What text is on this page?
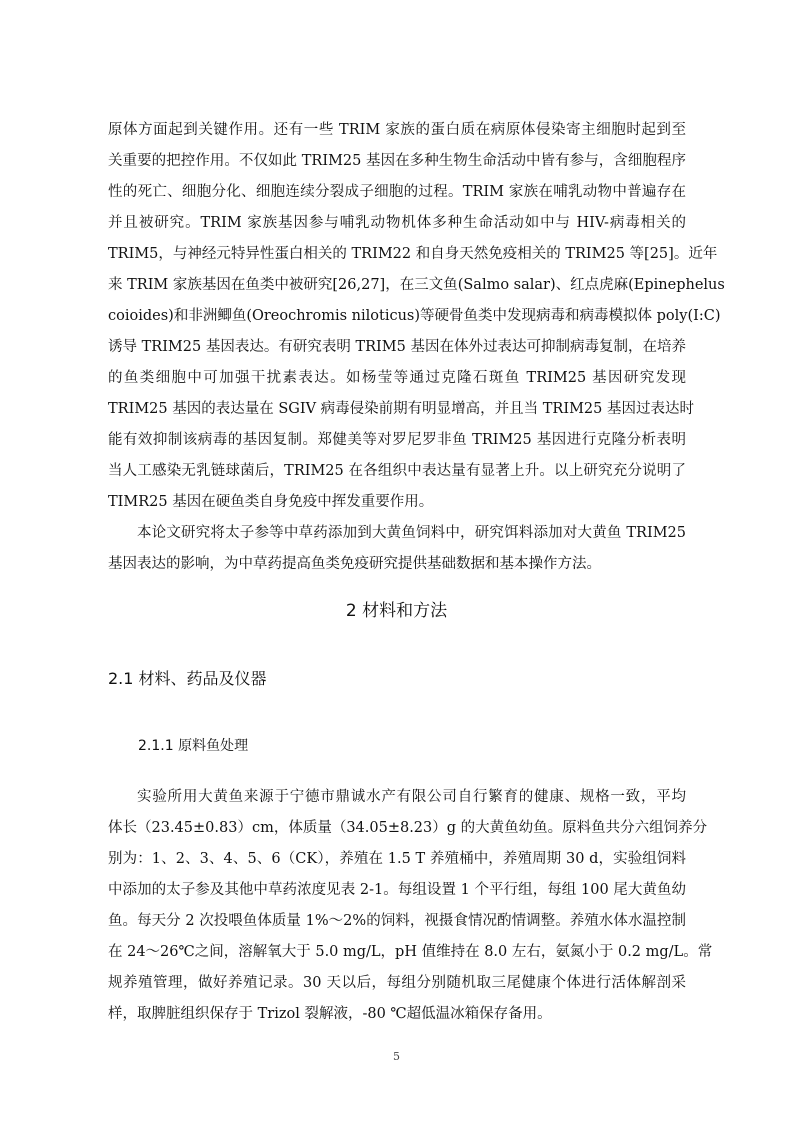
原体方面起到关键作用。还有一些 TRIM 家族的蛋白质在病原体侵染寄主细胞时起到至
关重要的把控作用。不仅如此 TRIM25 基因在多种生物生命活动中皆有参与，含细胞程序
性的死亡、细胞分化、细胞连续分裂成子细胞的过程。TRIM 家族在哺乳动物中普遍存在
并且被研究。TRIM 家族基因参与哺乳动物机体多种生命活动如中与 HIV-病毒相关的
TRIM5，与神经元特异性蛋白相关的 TRIM22 和自身天然免疫相关的 TRIM25 等[25]。近年
来 TRIM 家族基因在鱼类中被研究[26,27]，在三文鱼(Salmo salar)、红点虎麻(Epinephelus
coioides)和非洲鲫鱼(Oreochromis niloticus)等硬骨鱼类中发现病毒和病毒模拟体 poly(I:C)
诱导 TRIM25 基因表达。有研究表明 TRIM5 基因在体外过表达可抑制病毒复制，在培养
的鱼类细胞中可加强干扰素表达。如杨莹等通过克隆石斑鱼 TRIM25 基因研究发现
TRIM25 基因的表达量在 SGIV 病毒侵染前期有明显增高，并且当 TRIM25 基因过表达时
能有效抑制该病毒的基因复制。郑健美等对罗尼罗非鱼 TRIM25 基因进行克隆分析表明
当人工感染无乳链球菌后，TRIM25 在各组织中表达量有显著上升。以上研究充分说明了
TIMR25 基因在硬鱼类自身免疫中挥发重要作用。
本论文研究将太子参等中草药添加到大黄鱼饲料中，研究饵料添加对大黄鱼 TRIM25
基因表达的影响，为中草药提高鱼类免疫研究提供基础数据和基本操作方法。
2 材料和方法
2.1 材料、药品及仪器
2.1.1 原料鱼处理
实验所用大黄鱼来源于宁德市鼎诚水产有限公司自行繁育的健康、规格一致，平均
体长（23.45±0.83）cm，体质量（34.05±8.23）g 的大黄鱼幼鱼。原料鱼共分六组饲养分
别为：1、2、3、4、5、6（CK），养殖在 1.5 T 养殖桶中，养殖周期 30 d，实验组饲料
中添加的太子参及其他中草药浓度见表 2-1。每组设置 1 个平行组，每组 100 尾大黄鱼幼
鱼。每天分 2 次投喂鱼体质量 1%～2%的饲料，视摄食情况酌情调整。养殖水体水温控制
在 24～26℃之间，溶解氧大于 5.0 mg/L，pH 值维持在 8.0 左右，氨氮小于 0.2 mg/L。常
规养殖管理，做好养殖记录。30 天以后，每组分别随机取三尾健康个体进行活体解剖采
样，取脾脏组织保存于 Trizol 裂解液，-80 ℃超低温冰箱保存备用。
5
